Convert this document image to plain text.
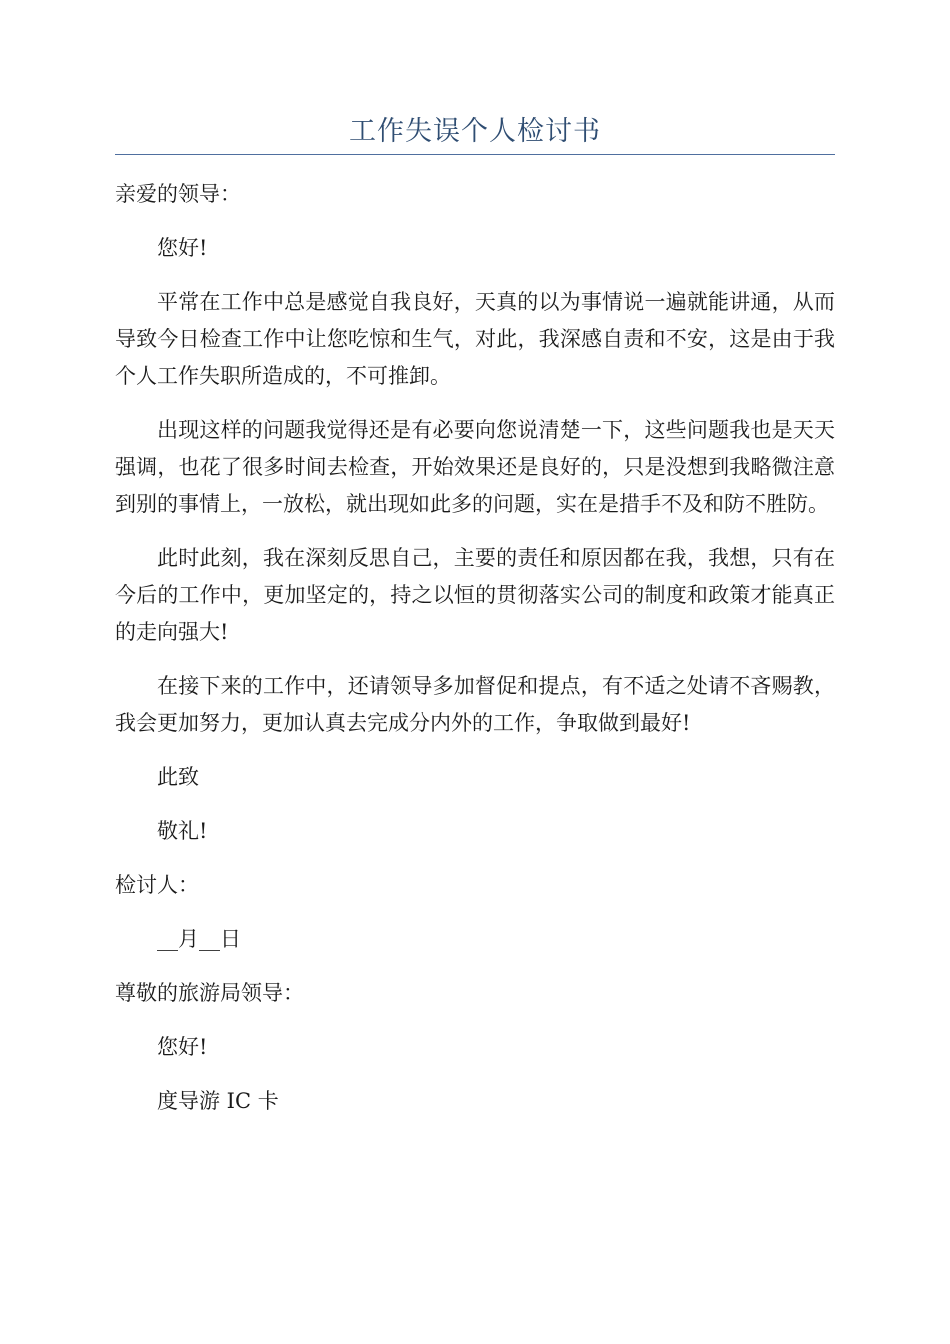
工作失误个人检讨书

亲爱的领导：

您好!

平常在工作中总是感觉自我良好，天真的以为事情说一遍就能讲通，从而导致今日检查工作中让您吃惊和生气，对此，我深感自责和不安，这是由于我个人工作失职所造成的，不可推卸。

出现这样的问题我觉得还是有必要向您说清楚一下，这些问题我也是天天强调，也花了很多时间去检查，开始效果还是良好的，只是没想到我略微注意到别的事情上，一放松，就出现如此多的问题，实在是措手不及和防不胜防。

此时此刻，我在深刻反思自己，主要的责任和原因都在我，我想，只有在今后的工作中，更加坚定的，持之以恒的贯彻落实公司的制度和政策才能真正的走向强大!

在接下来的工作中，还请领导多加督促和提点，有不适之处请不吝赐教，我会更加努力，更加认真去完成分内外的工作，争取做到最好!

此致

敬礼!

检讨人：

__月__日

尊敬的旅游局领导：

您好!

度导游 IC 卡
